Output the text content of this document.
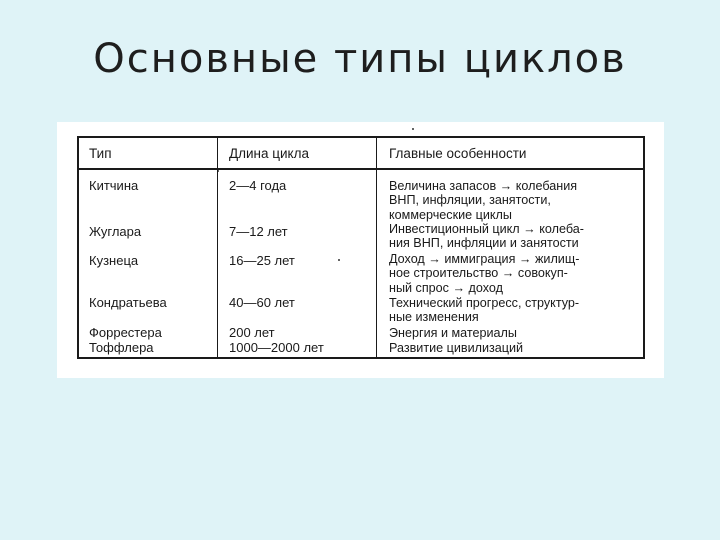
Основные типы циклов
Тип	Длина цикла	Главные особенности
Китчина	2—4 года	Величина запасов → колебания
ВНП, инфляции, занятости,
коммерческие циклы
Жуглара	7—12 лет	Инвестиционный цикл → колеба-
ния ВНП, инфляции и занятости
Кузнеца	16—25 лет	Доход → иммиграция → жилищ-
ное строительство → совокуп-
ный спрос → доход
Кондратьева	40—60 лет	Технический прогресс, структур-
ные изменения
Форрестера	200 лет	Энергия и материалы
Тоффлера	1000—2000 лет	Развитие цивилизаций
